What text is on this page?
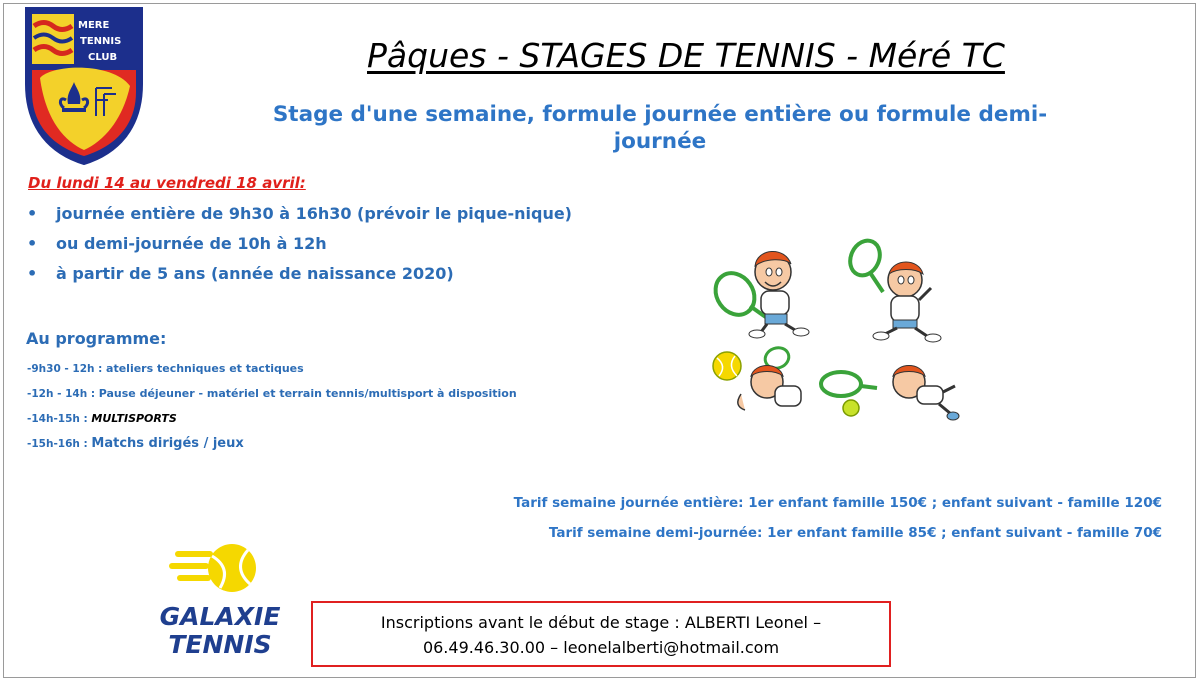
MERE
TENNIS
CLUB	Pâques - STAGES DE TENNIS - Méré TC
Stage d'une semaine, formule journée entière ou formule demi-
journée
Du lundi 14 au vendredi 18 avril:
• journée entière de 9h30 à 16h30 (prévoir le pique-nique)
• ou demi-journée de 10h à 12h
• à partir de 5 ans (année de naissance 2020)
Au programme:
-9h30 - 12h : ateliers techniques et tactiques
-12h - 14h : Pause déjeuner - matériel et terrain tennis/multisport à disposition
-14h-15h : MULTISPORTS
-15h-16h : Matchs dirigés / jeux
Tarif semaine journée entière: 1er enfant famille 150€ ; enfant suivant - famille 120€
Tarif semaine demi-journée: 1er enfant famille 85€ ; enfant suivant - famille 70€
GALAXIE
TENNIS
Inscriptions avant le début de stage : ALBERTI Leonel –
06.49.46.30.00 – leonelalberti@hotmail.com
